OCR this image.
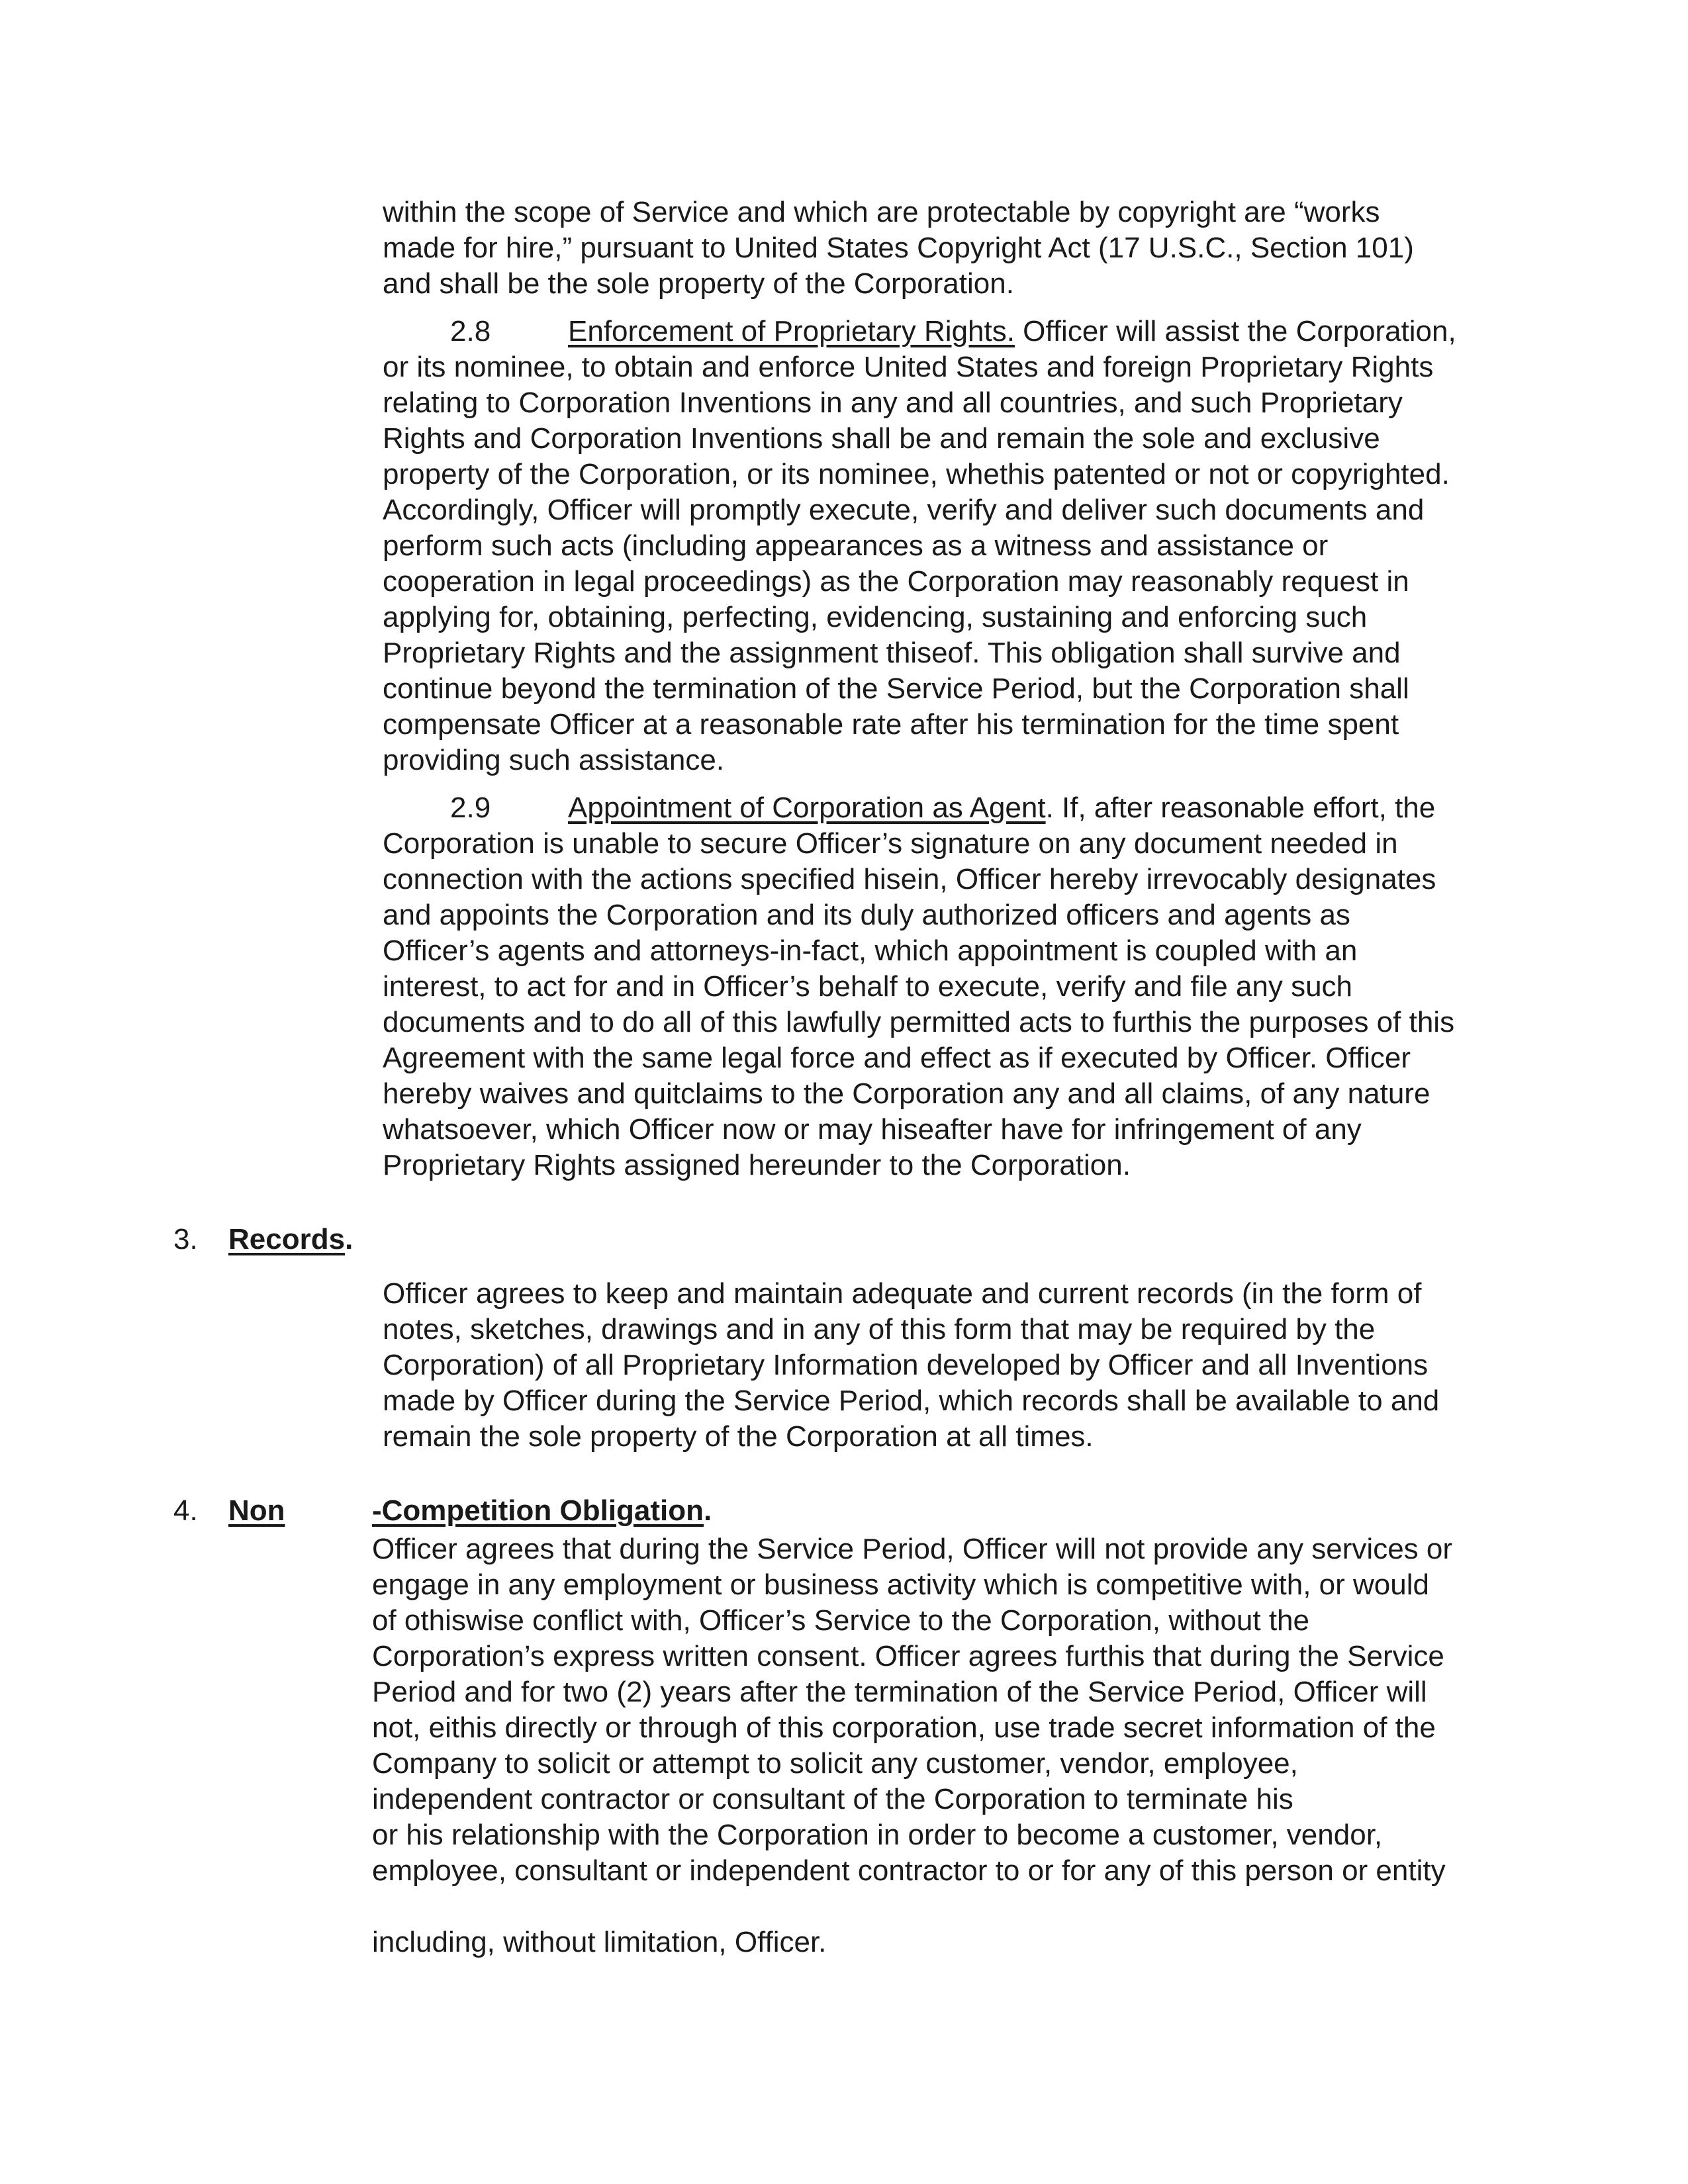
within the scope of Service and which are protectable by copyright are “works
made for hire,” pursuant to United States Copyright Act (17 U.S.C., Section 101)
and shall be the sole property of the Corporation.
2.8	Enforcement of Proprietary Rights. Officer will assist the Corporation,
or its nominee, to obtain and enforce United States and foreign Proprietary Rights
relating to Corporation Inventions in any and all countries, and such Proprietary
Rights and Corporation Inventions shall be and remain the sole and exclusive
property of the Corporation, or its nominee, whethis patented or not or copyrighted.
Accordingly, Officer will promptly execute, verify and deliver such documents and
perform such acts (including appearances as a witness and assistance or
cooperation in legal proceedings) as the Corporation may reasonably request in
applying for, obtaining, perfecting, evidencing, sustaining and enforcing such
Proprietary Rights and the assignment thiseof. This obligation shall survive and
continue beyond the termination of the Service Period, but the Corporation shall
compensate Officer at a reasonable rate after his termination for the time spent
providing such assistance.
2.9	Appointment of Corporation as Agent. If, after reasonable effort, the
Corporation is unable to secure Officer’s signature on any document needed in
connection with the actions specified hisein, Officer hereby irrevocably designates
and appoints the Corporation and its duly authorized officers and agents as
Officer’s agents and attorneys-in-fact, which appointment is coupled with an
interest, to act for and in Officer’s behalf to execute, verify and file any such
documents and to do all of this lawfully permitted acts to furthis the purposes of this
Agreement with the same legal force and effect as if executed by Officer. Officer
hereby waives and quitclaims to the Corporation any and all claims, of any nature
whatsoever, which Officer now or may hiseafter have for infringement of any
Proprietary Rights assigned hereunder to the Corporation.
3. Records.
Officer agrees to keep and maintain adequate and current records (in the form of
notes, sketches, drawings and in any of this form that may be required by the
Corporation) of all Proprietary Information developed by Officer and all Inventions
made by Officer during the Service Period, which records shall be available to and
remain the sole property of the Corporation at all times.
4. Non	-Competition Obligation.
Officer agrees that during the Service Period, Officer will not provide any services or
engage in any employment or business activity which is competitive with, or would
of othiswise conflict with, Officer’s Service to the Corporation, without the
Corporation’s express written consent. Officer agrees furthis that during the Service
Period and for two (2) years after the termination of the Service Period, Officer will
not, eithis directly or through of this corporation, use trade secret information of the
Company to solicit or attempt to solicit any customer, vendor, employee,
independent contractor or consultant of the Corporation to terminate his
or his relationship with the Corporation in order to become a customer, vendor,
employee, consultant or independent contractor to or for any of this person or entity
including, without limitation, Officer.
